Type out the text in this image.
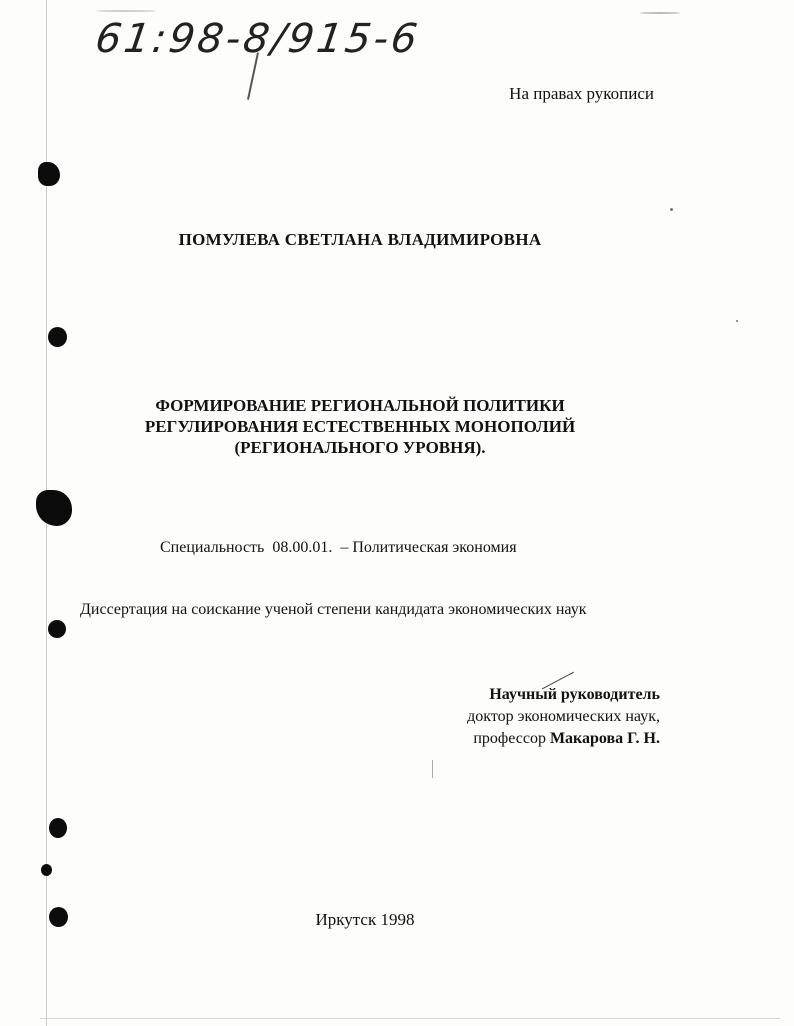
61:98-8/915-6
На правах рукописи
ПОМУЛЕВА СВЕТЛАНА ВЛАДИМИРОВНА
ФОРМИРОВАНИЕ РЕГИОНАЛЬНОЙ ПОЛИТИКИ
РЕГУЛИРОВАНИЯ ЕСТЕСТВЕННЫХ МОНОПОЛИЙ
(РЕГИОНАЛЬНОГО УРОВНЯ).
Специальность 08.00.01. – Политическая экономия
Диссертация на соискание ученой степени кандидата экономических наук
Научный руководитель
доктор экономических наук,
профессор Макарова Г. Н.
Иркутск 1998
